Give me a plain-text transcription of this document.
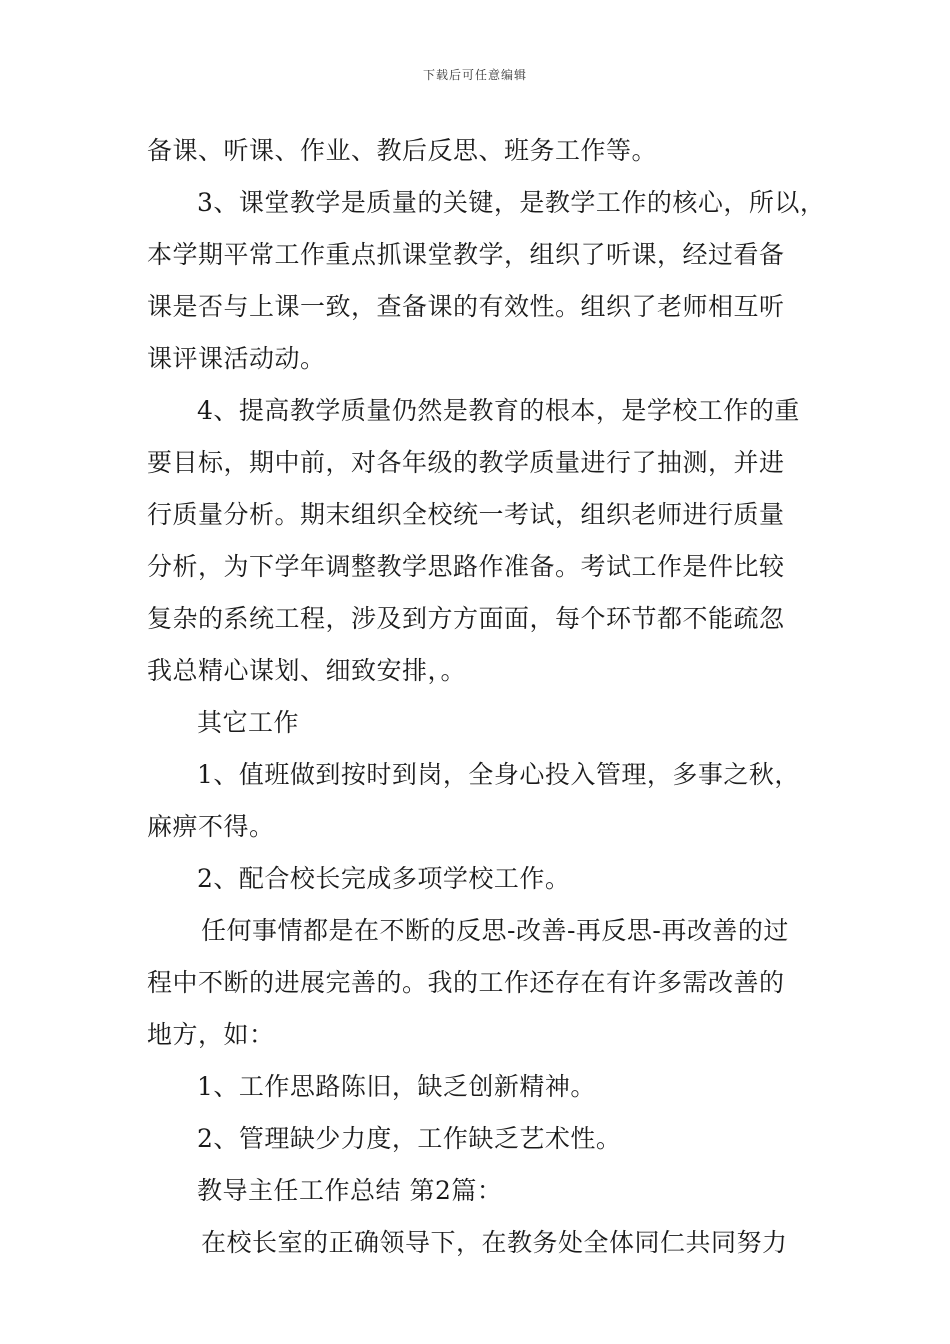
下载后可任意编辑
备课、听课、作业、教后反思、班务工作等。
3、课堂教学是质量的关键，是教学工作的核心，所以，
本学期平常工作重点抓课堂教学，组织了听课，经过看备
课是否与上课一致，查备课的有效性。组织了老师相互听
课评课活动动。
4、提高教学质量仍然是教育的根本，是学校工作的重
要目标，期中前，对各年级的教学质量进行了抽测，并进
行质量分析。期末组织全校统一考试，组织老师进行质量
分析，为下学年调整教学思路作准备。考试工作是件比较
复杂的系统工程，涉及到方方面面，每个环节都不能疏忽
我总精心谋划、细致安排，。
其它工作
1、值班做到按时到岗，全身心投入管理，多事之秋，
麻痹不得。
2、配合校长完成多项学校工作。
任何事情都是在不断的反思-改善-再反思-再改善的过
程中不断的进展完善的。我的工作还存在有许多需改善的
地方，如：
1、工作思路陈旧，缺乏创新精神。
2、管理缺少力度，工作缺乏艺术性。
教导主任工作总结 第2篇：
在校长室的正确领导下，在教务处全体同仁共同努力
